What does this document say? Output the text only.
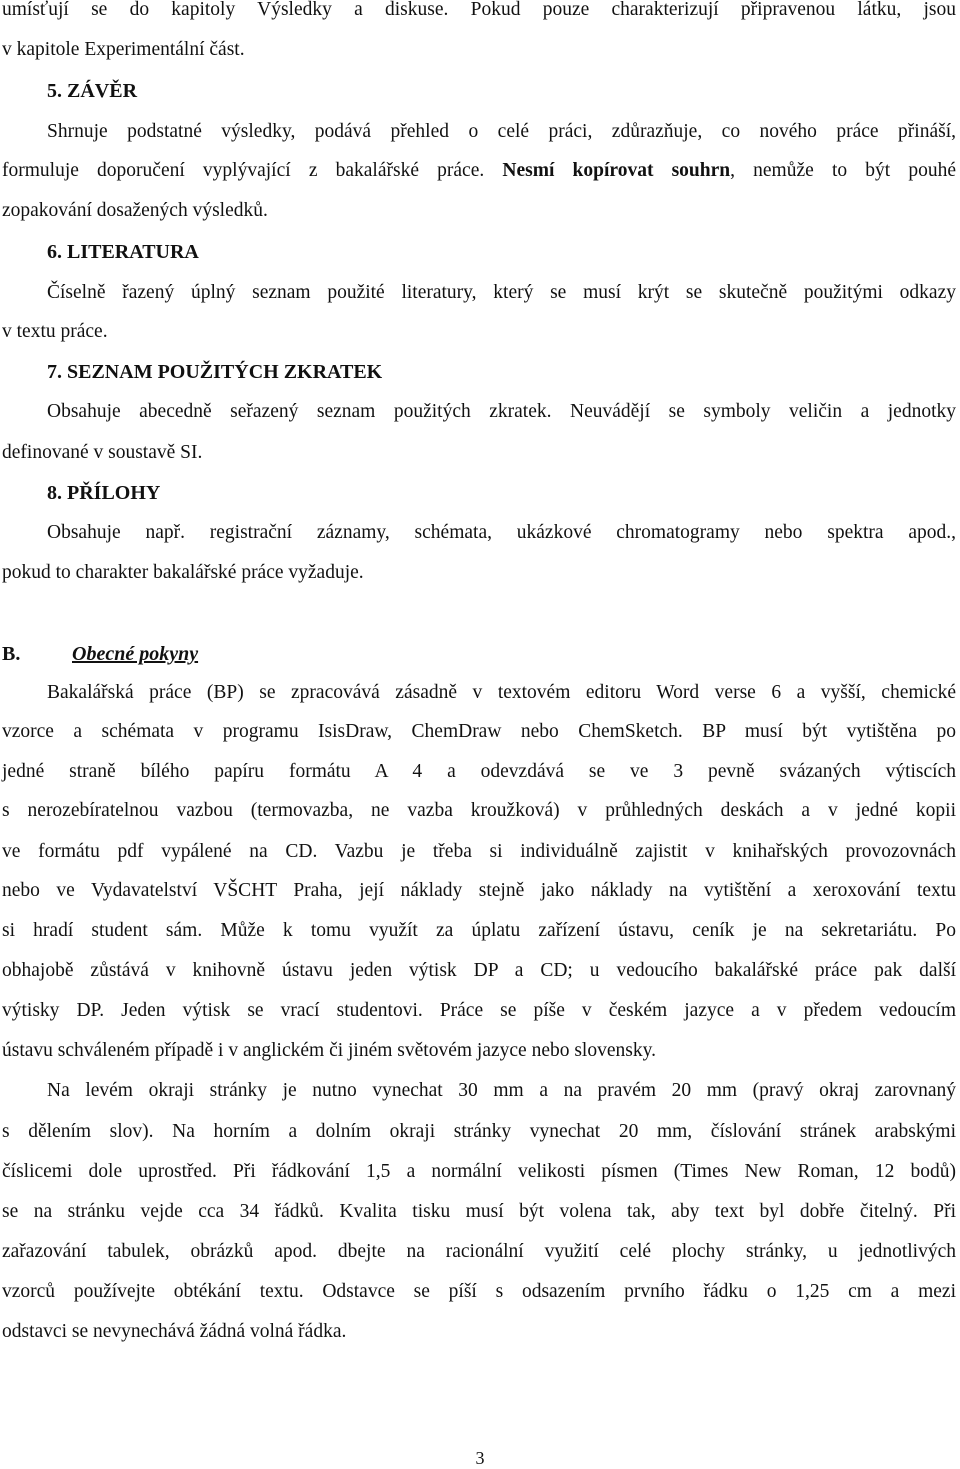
umísťují se do kapitoly Výsledky a diskuse. Pokud pouze charakterizují připravenou látku, jsou
v kapitole Experimentální část.
5. ZÁVĚR
Shrnuje podstatné výsledky, podává přehled o celé práci, zdůrazňuje, co nového práce přináší,
formuluje doporučení vyplývající z bakalářské práce. Nesmí kopírovat souhrn, nemůže to být pouhé
zopakování dosažených výsledků.
6. LITERATURA
Číselně řazený úplný seznam použité literatury, který se musí krýt se skutečně použitými odkazy
v textu práce.
7. SEZNAM POUŽITÝCH ZKRATEK
Obsahuje abecedně seřazený seznam použitých zkratek. Neuvádějí se symboly veličin a jednotky
definované v soustavě SI.
8. PŘÍLOHY
Obsahuje např. registrační záznamy, schémata, ukázkové chromatogramy nebo spektra apod.,
pokud to charakter bakalářské práce vyžaduje.
B.	Obecné pokyny
Bakalářská práce (BP) se zpracovává zásadně v textovém editoru Word verse 6 a vyšší, chemické
vzorce a schémata v programu IsisDraw, ChemDraw nebo ChemSketch. BP musí být vytištěna po
jedné straně bílého papíru formátu A 4 a odevzdává se ve 3 pevně svázaných výtiscích
s nerozebíratelnou vazbou (termovazba, ne vazba kroužková) v průhledných deskách a v jedné kopii
ve formátu pdf vypálené na CD. Vazbu je třeba si individuálně zajistit v knihařských provozovnách
nebo ve Vydavatelství VŠCHT Praha, její náklady stejně jako náklady na vytištění a xeroxování textu
si hradí student sám. Může k tomu využít za úplatu zařízení ústavu, ceník je na sekretariátu. Po
obhajobě zůstává v knihovně ústavu jeden výtisk DP a CD; u vedoucího bakalářské práce pak další
výtisky DP. Jeden výtisk se vrací studentovi. Práce se píše v českém jazyce a v předem vedoucím
ústavu schváleném případě i v anglickém či jiném světovém jazyce nebo slovensky.
Na levém okraji stránky je nutno vynechat 30 mm a na pravém 20 mm (pravý okraj zarovnaný
s dělením slov). Na horním a dolním okraji stránky vynechat 20 mm, číslování stránek arabskými
číslicemi dole uprostřed. Při řádkování 1,5 a normální velikosti písmen (Times New Roman, 12 bodů)
se na stránku vejde cca 34 řádků. Kvalita tisku musí být volena tak, aby text byl dobře čitelný. Při
zařazování tabulek, obrázků apod. dbejte na racionální využití celé plochy stránky, u jednotlivých
vzorců používejte obtékání textu. Odstavce se píší s odsazením prvního řádku o 1,25 cm a mezi
odstavci se nevynechává žádná volná řádka.
3
